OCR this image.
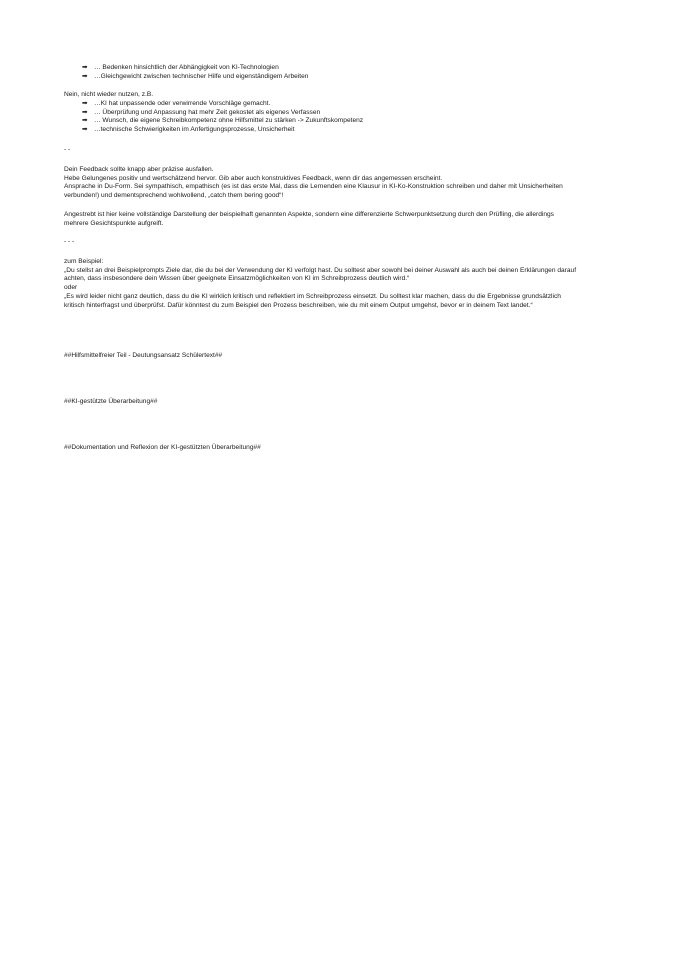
➡ … Bedenken hinsichtlich der Abhängigkeit von KI-Technologien
➡ …Gleichgewicht zwischen technischer Hilfe und eigenständigem Arbeiten

Nein, nicht wieder nutzen, z.B.

➡ …KI hat unpassende oder verwirrende Vorschläge gemacht.
➡ … Überprüfung und Anpassung hat mehr Zeit gekostet als eigenes Verfassen
➡ … Wunsch, die eigene Schreibkompetenz ohne Hilfsmittel zu stärken -> Zukunftskompetenz
➡ …technische Schwierigkeiten im Anfertigungsprozesse, Unsicherheit

- -

Dein Feedback sollte knapp aber präzise ausfallen.

Hebe Gelungenes positiv und wertschätzend hervor. Gib aber auch konstruktives Feedback, wenn dir das angemessen erscheint.

Ansprache in Du-Form. Sei sympathisch, empathisch (es ist das erste Mal, dass die Lernenden eine Klausur in KI-Ko-Konstruktion schreiben und daher mit Unsicherheiten

verbunden!) und dementsprechend wohlwollend, „catch them bering good“!

Angestrebt ist hier keine vollständige Darstellung der beispielhaft genannten Aspekte, sondern eine differenzierte Schwerpunktsetzung durch den Prüfling, die allerdings

mehrere Gesichtspunkte aufgreift.

- - -

zum Beispiel:

„Du stellst an drei Beispielprompts Ziele dar, die du bei der Verwendung der KI verfolgt hast. Du solltest aber sowohl bei deiner Auswahl als auch bei deinen Erklärungen darauf

achten, dass insbesondere dein Wissen über geeignete Einsatzmöglichkeiten von KI im Schreibprozess deutlich wird.“

oder

„Es wird leider nicht ganz deutlich, dass du die KI wirklich kritisch und reflektiert im Schreibprozess einsetzt. Du solltest klar machen, dass du die Ergebnisse grundsätzlich

kritisch hinterfragst und überprüfst. Dafür könntest du zum Beispiel den Prozess beschreiben, wie du mit einem Output umgehst, bevor er in deinem Text landet.“

##Hilfsmittelfreier Teil - Deutungsansatz Schülertext##

##KI-gestützte Überarbeitung##

##Dokumentation und Reflexion der KI-gestützten Überarbeitung##
